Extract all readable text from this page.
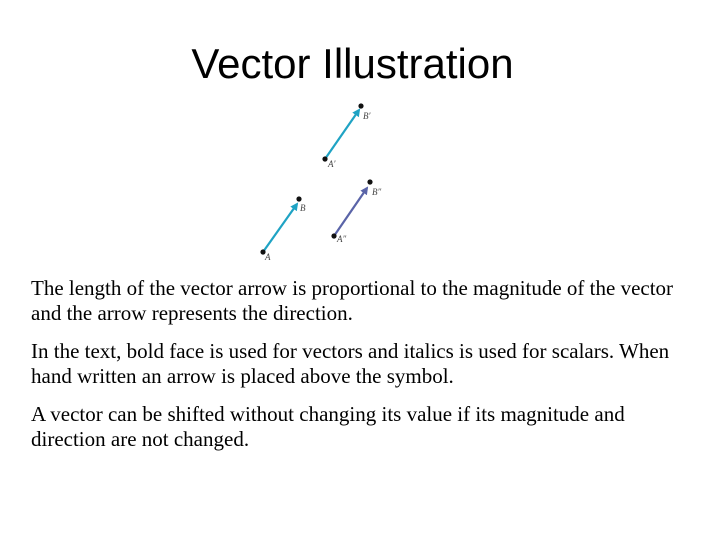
Vector Illustration
A′
B′
A
B
A″
B″

The length of the vector arrow is proportional to the magnitude of the vector and the arrow represents the direction.

In the text, bold face is used for vectors and italics is used for scalars. When hand written an arrow is placed above the symbol.

A vector can be shifted without changing its value if its magnitude and direction are not changed.
